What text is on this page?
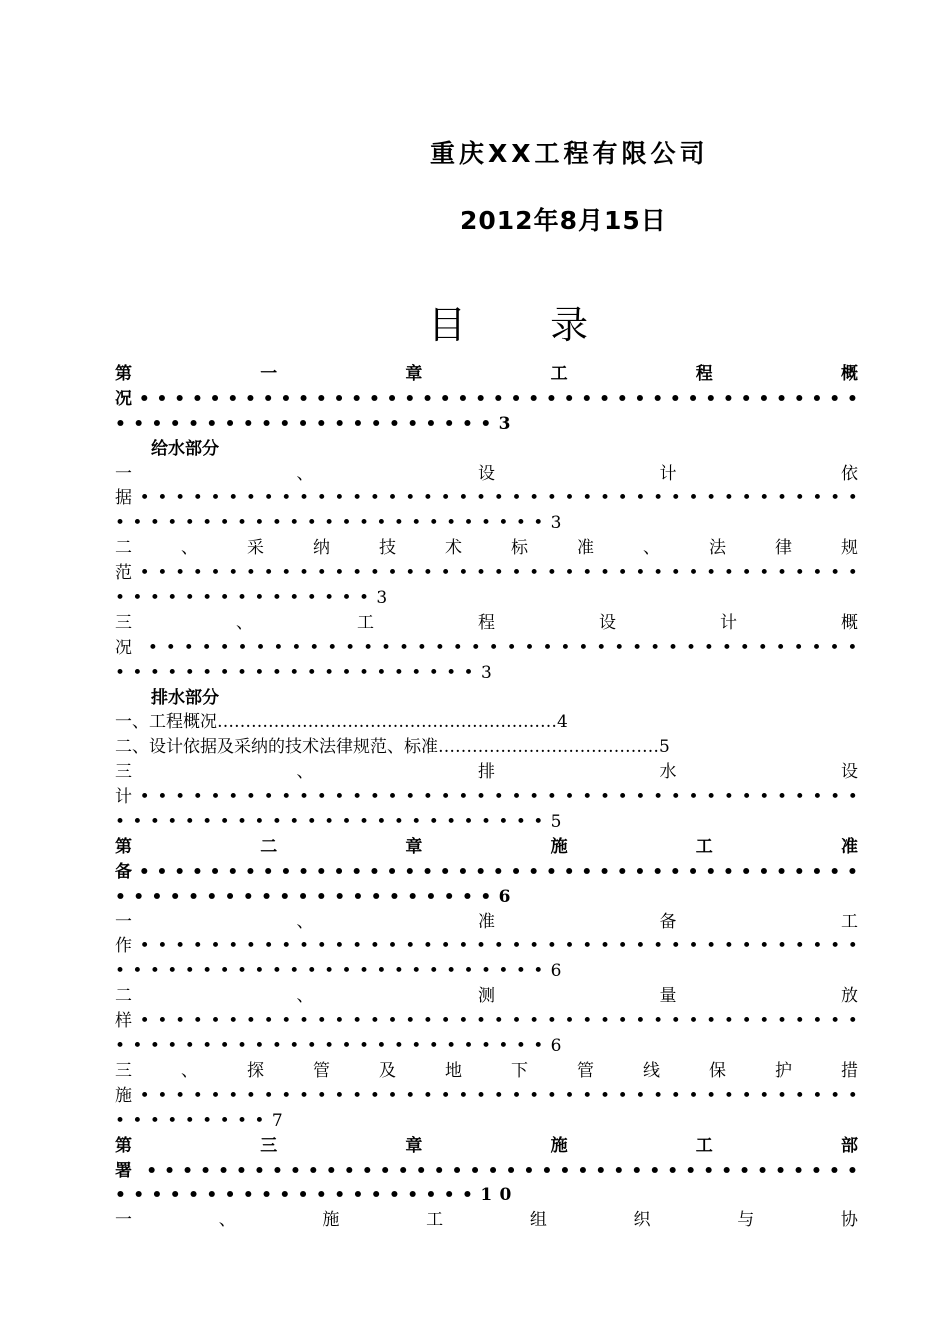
重庆XX工程有限公司
2012年8月15日
目 录
第	一	章	工	程	概
况 • • • • • • • • • • • • • • • • • • • • • • • • • • • • • • • • • • • • • • • • •
•••••••••••••••••••••3
给水部分
一	、	设	计	依
据 • • • • • • • • • • • • • • • • • • • • • • • • • • • • • • • • • • • • • • • • •
•••••••••••••••••••••••••3
二	、	采	纳	技	术	标	准	、	法	律	规
范 • • • • • • • • • • • • • • • • • • • • • • • • • • • • • • • • • • • • • • • • •
•••••••••••••••3
三	、	工	程	设	计	概
况 • • • • • • • • • • • • • • • • • • • • • • • • • • • • • • • • • • • • • • • •
•••••••••••••••••••••3
排水部分
一、工程概况……………………………………………………4
二、设计依据及采纳的技术法律规范、标准…………………………………5
三	、	排	水	设
计 • • • • • • • • • • • • • • • • • • • • • • • • • • • • • • • • • • • • • • • • •
•••••••••••••••••••••••••5
第	二	章	施	工	准
备 • • • • • • • • • • • • • • • • • • • • • • • • • • • • • • • • • • • • • • • • •
•••••••••••••••••••••6
一	、	准	备	工
作 • • • • • • • • • • • • • • • • • • • • • • • • • • • • • • • • • • • • • • • • •
•••••••••••••••••••••••••6
二	、	测	量	放
样 • • • • • • • • • • • • • • • • • • • • • • • • • • • • • • • • • • • • • • • • •
•••••••••••••••••••••••••6
三	、	探	管	及	地	下	管	线	保	护	措
施 • • • • • • • • • • • • • • • • • • • • • • • • • • • • • • • • • • • • • • • • •
•••••••••7
第	三	章	施	工	部
署 • • • • • • • • • • • • • • • • • • • • • • • • • • • • • • • • • • • • • • • •
••••••••••••••••••••10
一	、	施	工	组	织	与	协
